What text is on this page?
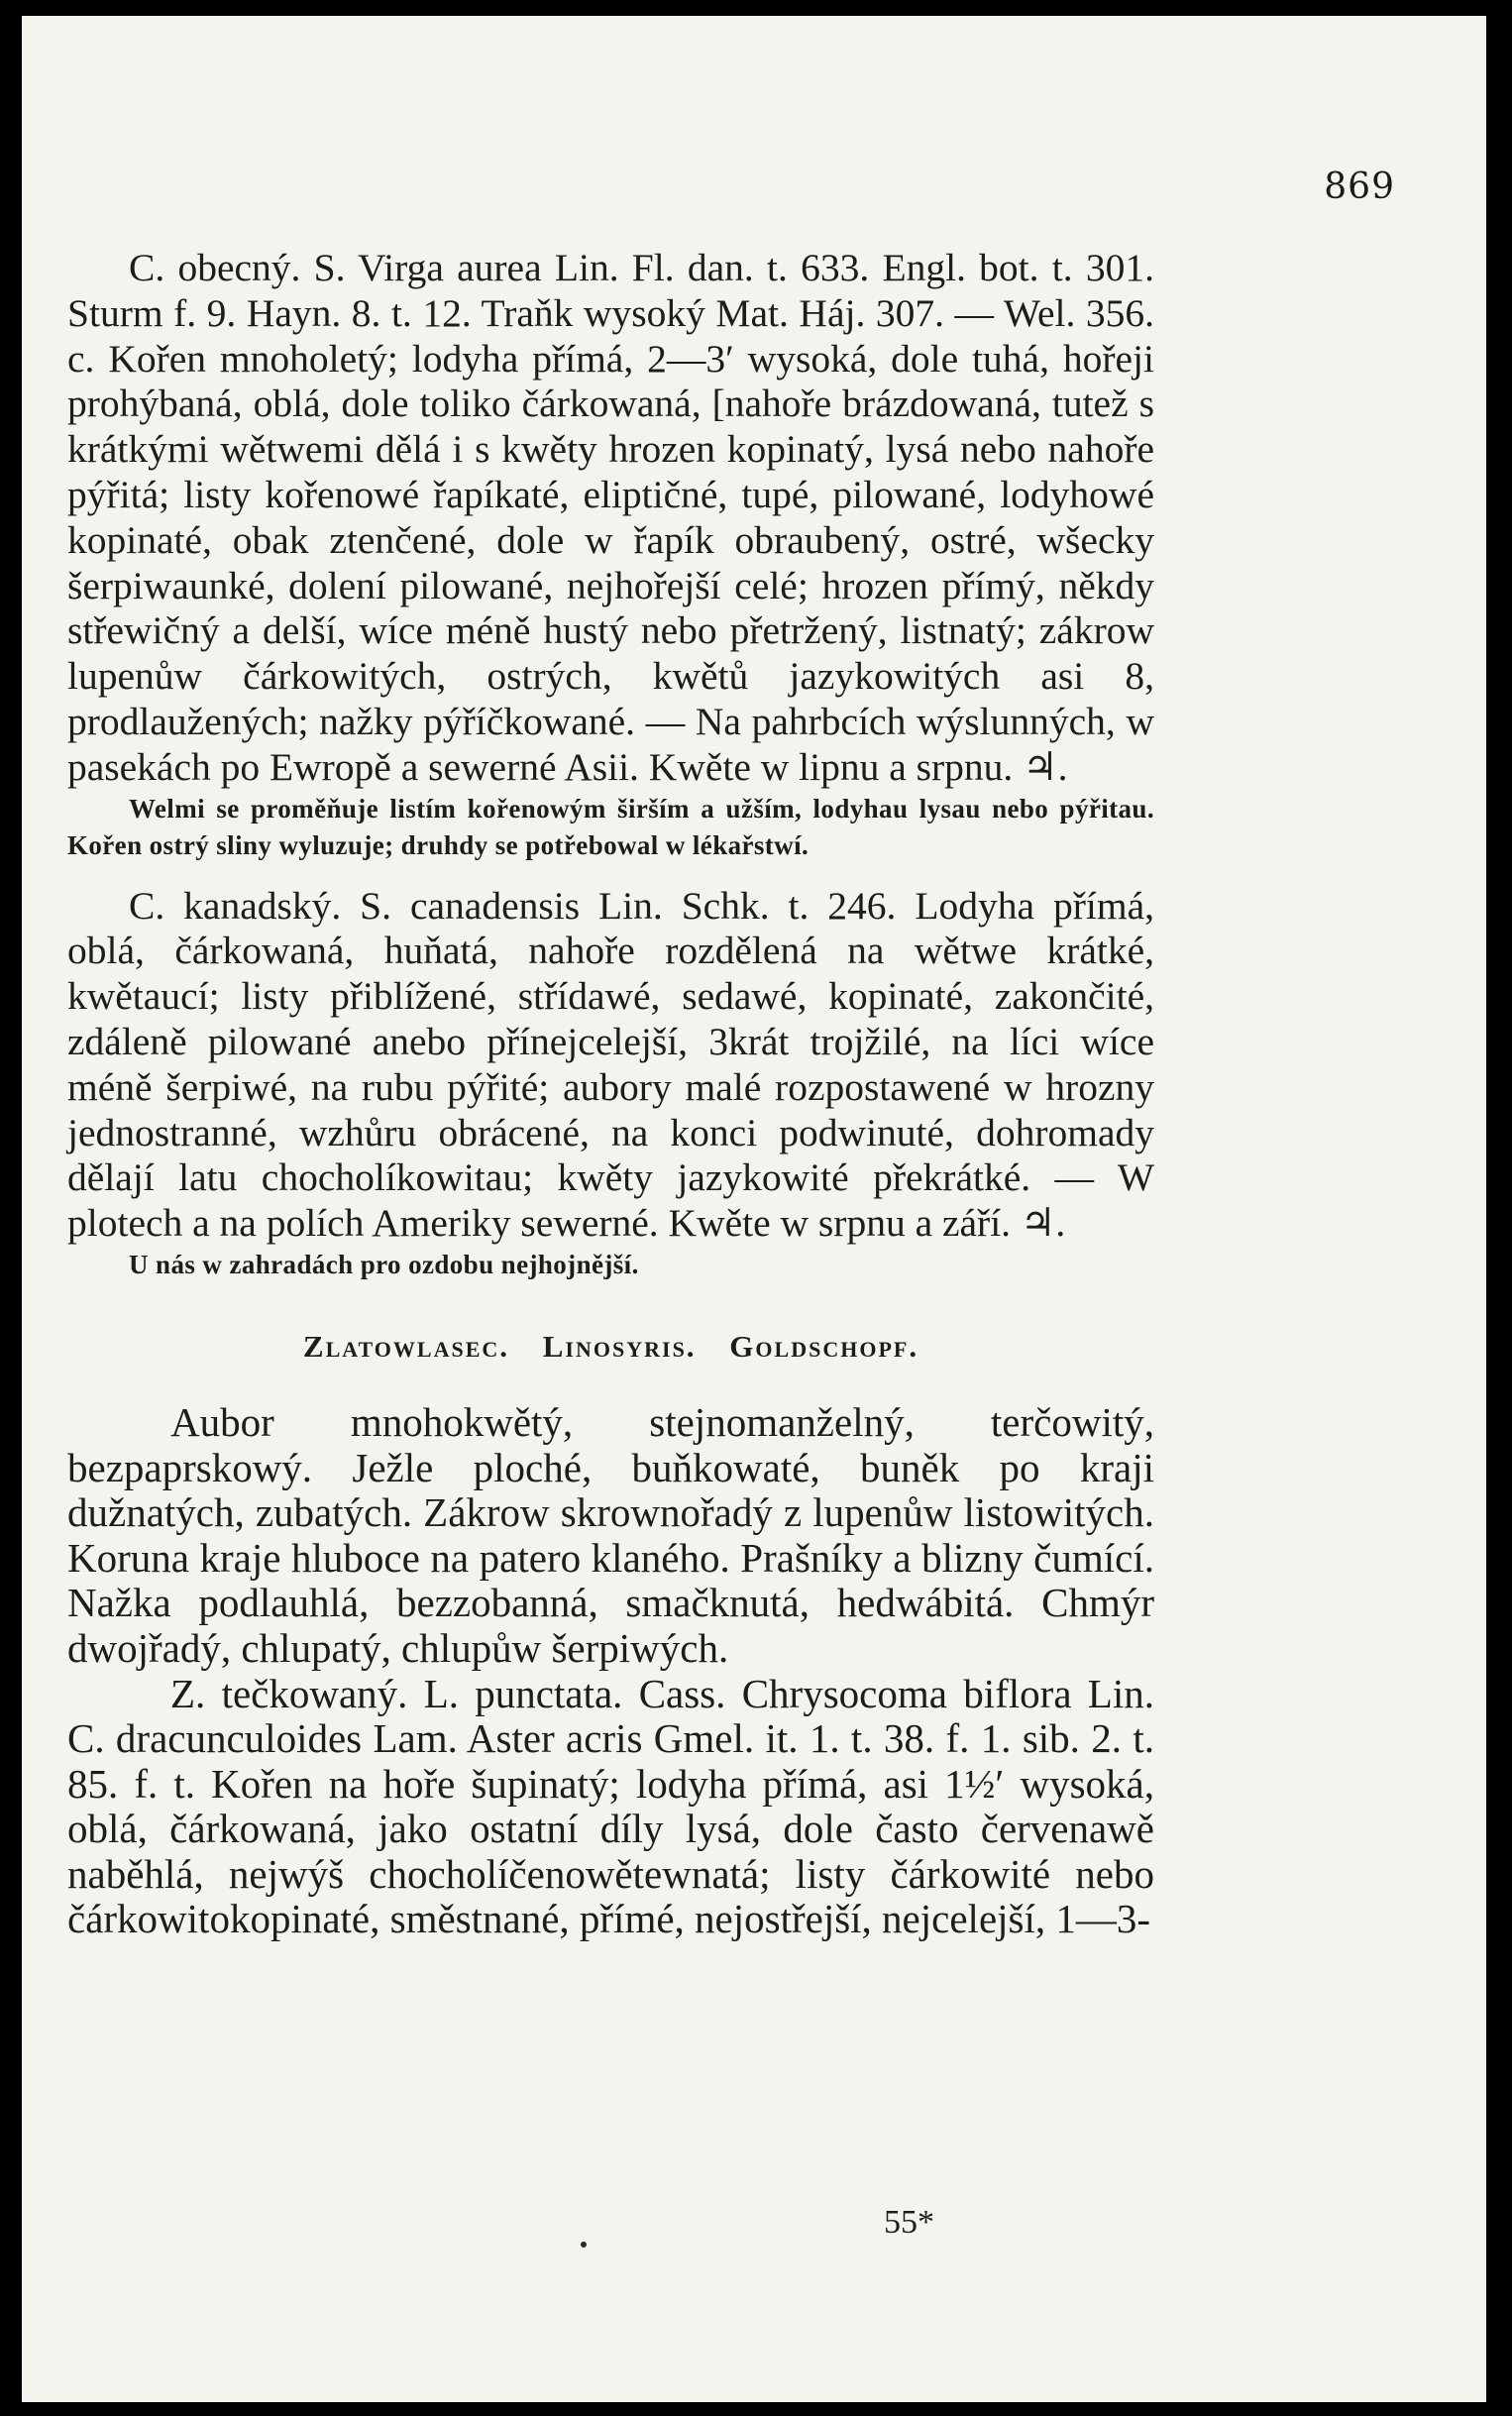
869

C. obecný. S. Virga aurea Lin. Fl. dan. t. 633. Engl. bot. t. 301. Sturm f. 9. Hayn. 8. t. 12. Traňk wysoký Mat. Háj. 307. — Wel. 356. c. Kořen mnoholetý; lodyha přímá, 2—3′ wysoká, dole tuhá, hořeji prohýbaná, oblá, dole toliko čárkowaná, [nahoře brázdowaná, tutež s krátkými wětwemi dělá i s kwěty hrozen kopinatý, lysá nebo nahoře pýřitá; listy kořenowé řapíkaté, eliptičné, tupé, pilowané, lodyhowé kopinaté, obak ztenčené, dole w řapík obraubený, ostré, wšecky šerpiwaunké, dolení pilowané, nejhořejší celé; hrozen přímý, někdy střewičný a delší, wíce méně hustý nebo přetržený, listnatý; zákrow lupenůw čárkowitých, ostrých, kwětů jazykowitých asi 8, prodlaužených; nažky pýříčkowané. — Na pahrbcích wýslunných, w pasekách po Ewropě a sewerné Asii. Kwěte w lipnu a srpnu. ♃.

Welmi se proměňuje listím kořenowým širším a užším, lodyhau lysau nebo pýřitau. Kořen ostrý sliny wyluzuje; druhdy se potřebowal w lékařstwí.

C. kanadský. S. canadensis Lin. Schk. t. 246. Lodyha přímá, oblá, čárkowaná, huňatá, nahoře rozdělená na wětwe krátké, kwětaucí; listy přiblížené, střídawé, sedawé, kopinaté, zakončité, zdáleně pilowané anebo přínejcelejší, 3krát trojžilé, na líci wíce méně šerpiwé, na rubu pýřité; aubory malé rozpostawené w hrozny jednostranné, wzhůru obrácené, na konci podwinuté, dohromady dělají latu chocholíkowitau; kwěty jazykowité překrátké. — W plotech a na polích Ameriky sewerné. Kwěte w srpnu a září. ♃.

U nás w zahradách pro ozdobu nejhojnější.

Zlatowlasec. Linosyris. Goldschopf.

Aubor mnohokwětý, stejnomanželný, terčowitý, bezpaprskowý. Ježle ploché, buňkowaté, buněk po kraji dužnatých, zubatých. Zákrow skrownořadý z lupenůw listowitých. Koruna kraje hluboce na patero klaného. Prašníky a blizny čumící. Nažka podlauhlá, bezzobanná, smačknutá, hedwábitá. Chmýr dwojřadý, chlupatý, chlupůw šerpiwých.

Z. tečkowaný. L. punctata. Cass. Chrysocoma biflora Lin. C. dracunculoides Lam. Aster acris Gmel. it. 1. t. 38. f. 1. sib. 2. t. 85. f. t. Kořen na hoře šupinatý; lodyha přímá, asi 1½′ wysoká, oblá, čárkowaná, jako ostatní díly lysá, dole často červenawě naběhlá, nejwýš chocholíčenowětewnatá; listy čárkowité nebo čárkowitokopinaté, směstnané, přímé, nejostřejší, nejcelejší, 1—3-

55*
